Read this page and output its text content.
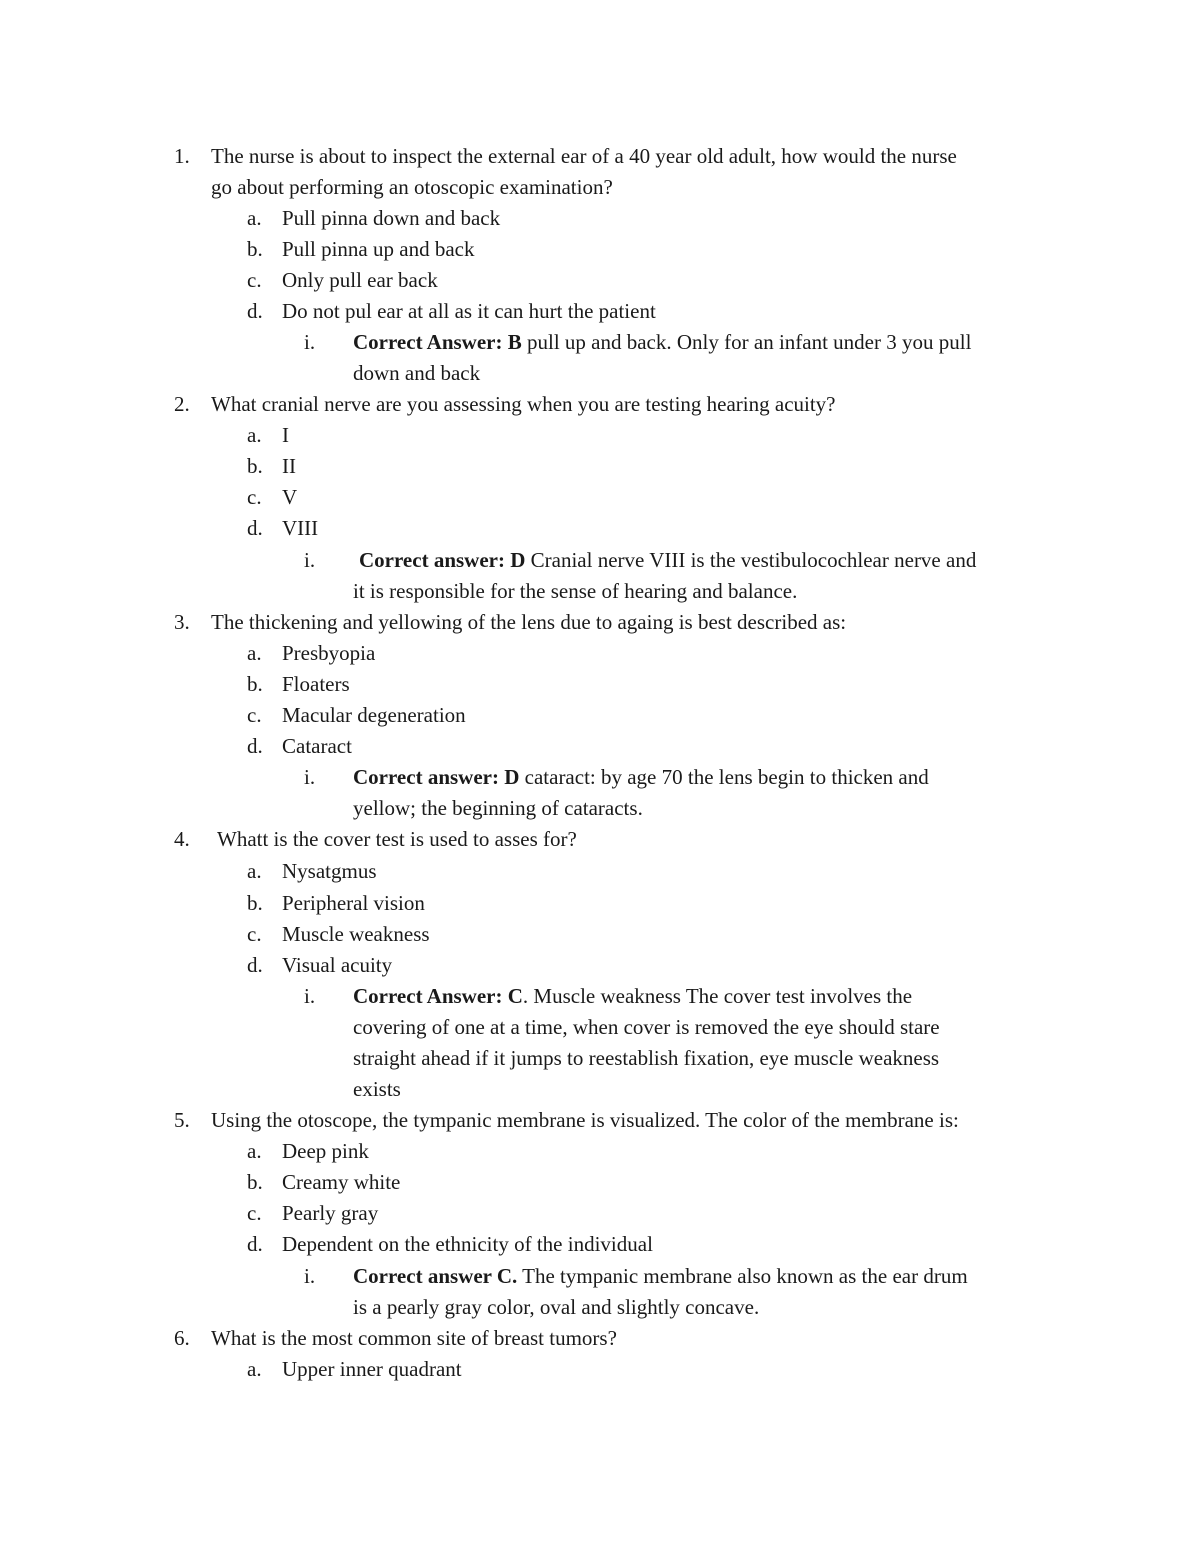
1. The nurse is about to inspect the external ear of a 40 year old adult, how would the nurse
go about performing an otoscopic examination?
a. Pull pinna down and back
b. Pull pinna up and back
c. Only pull ear back
d. Do not pul ear at all as it can hurt the patient
i. Correct Answer: B pull up and back. Only for an infant under 3 you pull
down and back
2. What cranial nerve are you assessing when you are testing hearing acuity?
a. I
b. II
c. V
d. VIII
i. Correct answer: D Cranial nerve VIII is the vestibulocochlear nerve and
it is responsible for the sense of hearing and balance.
3. The thickening and yellowing of the lens due to againg is best described as:
a. Presbyopia
b. Floaters
c. Macular degeneration
d. Cataract
i. Correct answer: D cataract: by age 70 the lens begin to thicken and
yellow; the beginning of cataracts.
4. Whatt is the cover test is used to asses for?
a. Nysatgmus
b. Peripheral vision
c. Muscle weakness
d. Visual acuity
i. Correct Answer: C. Muscle weakness The cover test involves the
covering of one at a time, when cover is removed the eye should stare
straight ahead if it jumps to reestablish fixation, eye muscle weakness
exists
5. Using the otoscope, the tympanic membrane is visualized. The color of the membrane is:
a. Deep pink
b. Creamy white
c. Pearly gray
d. Dependent on the ethnicity of the individual
i. Correct answer C. The tympanic membrane also known as the ear drum
is a pearly gray color, oval and slightly concave.
6. What is the most common site of breast tumors?
a. Upper inner quadrant
